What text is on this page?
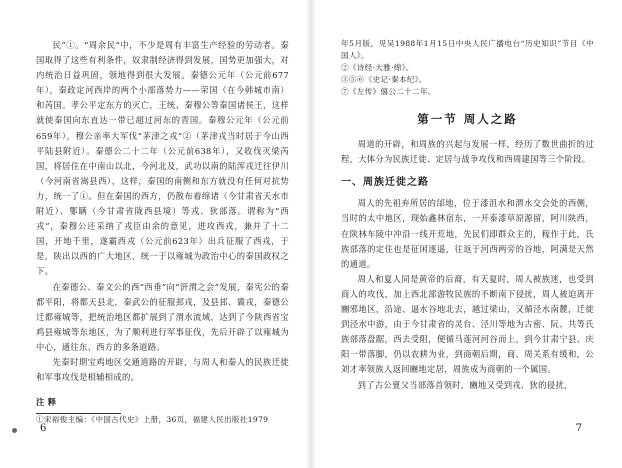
民”①。“周余民”中，不少是周有丰富生产经验的劳动者。秦国取得了这些有利条件，奴隶制经济得到发展，国势更加强大，对内统治日益巩固，领地得到很大发展。秦德公元年（公元前677年），秦政定河西岸的两个小部落势力——荣国（在今韩城市南）和芮国。孝公平定东方的灭亡，王统、秦穆公等秦国诸侯王，这样就使秦国向东直达一带已超过河东的晋国。秦穆公元年（公元前659年），穆公亲率大军伐“茅津之戎”②（茅津戎当时居于今山西平陆县附近）。秦德公二十二年（公元前638年），又收伐灭梁芮国，将居住在中南山以北，今河北及，武功以南的陆浑戎迁往伊川（今河南省嵩县西），这样，秦国的南侧和东方就没有任何对抗势力，统一了①。但在秦国的西方，仍散布着绵诸（今甘肃省天水市附近）、鄋瞒（今甘肃省陇西县境）等戎、狄部落。谓称为“西戎”，秦穆公还采纳了戎臣由余的意见，进攻西戎，兼并了十二国，开地千里，遂霸西戎（公元前623年）出兵征服了西戎，于是，陕出以西的广大地区，统一于以雍城为政治中心的秦国政权之下。

在秦德公、秦文公的西“西垂”向“汧渭之会”发展，秦宪公的秦都平阳，将都天县北，秦武公的征服邽戎，及县邽、冀戎，秦德公迁都雍城等，把统治地区都扩展到了渭水流域，达到了今陕西省宝鸡县雍城等东地区，为了顺利进行军事征伐，先后开辟了以雍城为中心，通往东、西方的多条道路。

先秦时期宝鸡地区交通道路的开辟，与周人和秦人的民族迁徙和军事攻伐是相辅相成的。

注 释

①宋裕俊主编：《中国古代史》上册，36页，福建人民出版社1979

6

年5月版，见吴1988年1月15日中央人民广播电台“历史知识”节目《中国人》。

②《诗经·大雅·绵》。

③⑤⑥《史记·秦本纪》。

⑦《左传》僖公二十二年。

第一节 周人之路

周道的开辟，和周族的兴起与发展一样，经历了数世曲折的过程，大体分为民族迁徙、定居与战争攻伐和西周建国等三个阶段。

一、周族迁徙之路

周人的先祖弃所居的邰地，位于漆沮水和渭水交会处的西侧，当时的太中地区，现始鑫林宿东，一开泰漆草原源留，阿川陕西，在陕林车陵中冲沿一线开荒地，先民们即群众主的，稼作于此，氏族部落的定住也是征闲逐遥，往返于河西两旁的谷地，阿满是天然的通道。

周人和夏人同是黄帝的后裔，有天夏时，周人被族迷，也受到商人的攻伐，加上西北部游牧民族的不断南下侵扰，周人被迫离开豳邪地区，沿途、逼水谷地北去，越过梁山，又循泾水南麓，迁徙到泾水中游，由于今甘肃省的灵台、泾川等地为古密、阮、共等氏族部落盘踞，西去受阻，便循马莲河河谷而上，到今甘肃宁县、庆阳一带落脚，仍以农耕为业，到商朝后期，商、周关系有缓和，公刘才率领族人返回豳地定居，周族成为商朝的一个属国。

到了古公亶父当部落首领时，豳地又受到戎、狄的侵扰，

7
